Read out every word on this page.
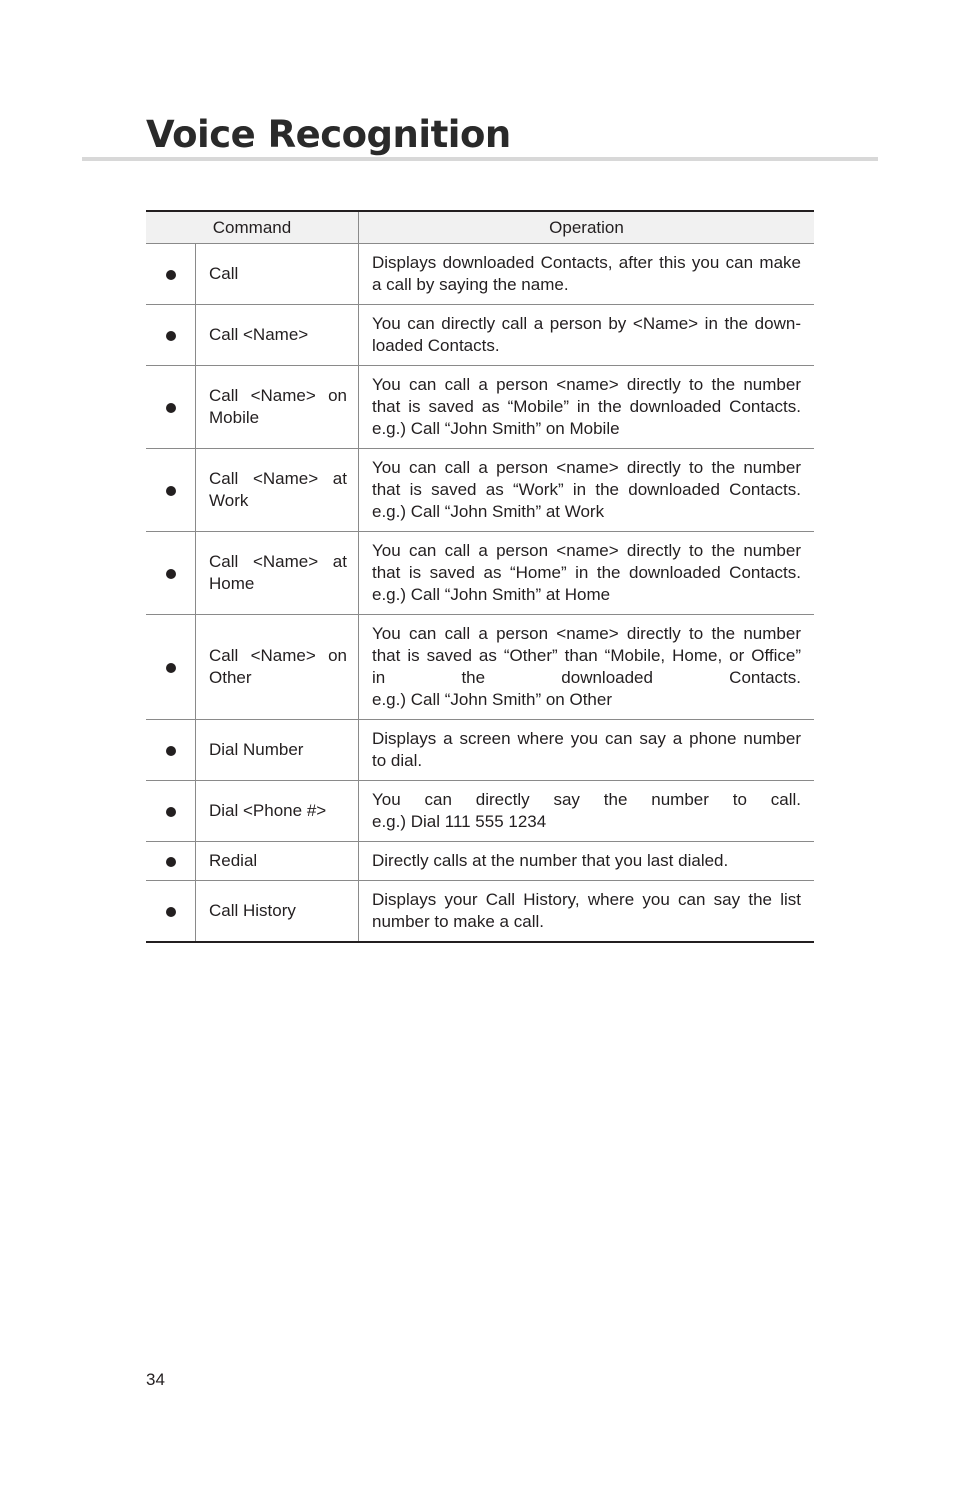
Voice Recognition
Command		Operation

	Call	Displays downloaded Contacts, after this you can make
a call by saying the name.

	Call <Name>	You can directly call a person by <Name> in the down-
loaded Contacts.

	Call <Name> on
Mobile	You can call a person <name> directly to the number
that is saved as “Mobile” in the downloaded Contacts.
e.g.) Call “John Smith” on Mobile

	Call <Name> at
Work	You can call a person <name> directly to the number
that is saved as “Work” in the downloaded Contacts.
e.g.) Call “John Smith” at Work

	Call <Name> at
Home	You can call a person <name> directly to the number
that is saved as “Home” in the downloaded Contacts.
e.g.) Call “John Smith” at Home

	Call <Name> on
Other	You can call a person <name> directly to the number
that is saved as “Other” than “Mobile, Home, or Office”
in the downloaded Contacts.
e.g.) Call “John Smith” on Other

	Dial Number	Displays a screen where you can say a phone number
to dial.

	Dial <Phone #>	You can directly say the number to call.
e.g.) Dial 111 555 1234

	Redial	Directly calls at the number that you last dialed.

	Call History	Displays your Call History, where you can say the list
number to make a call.
34
